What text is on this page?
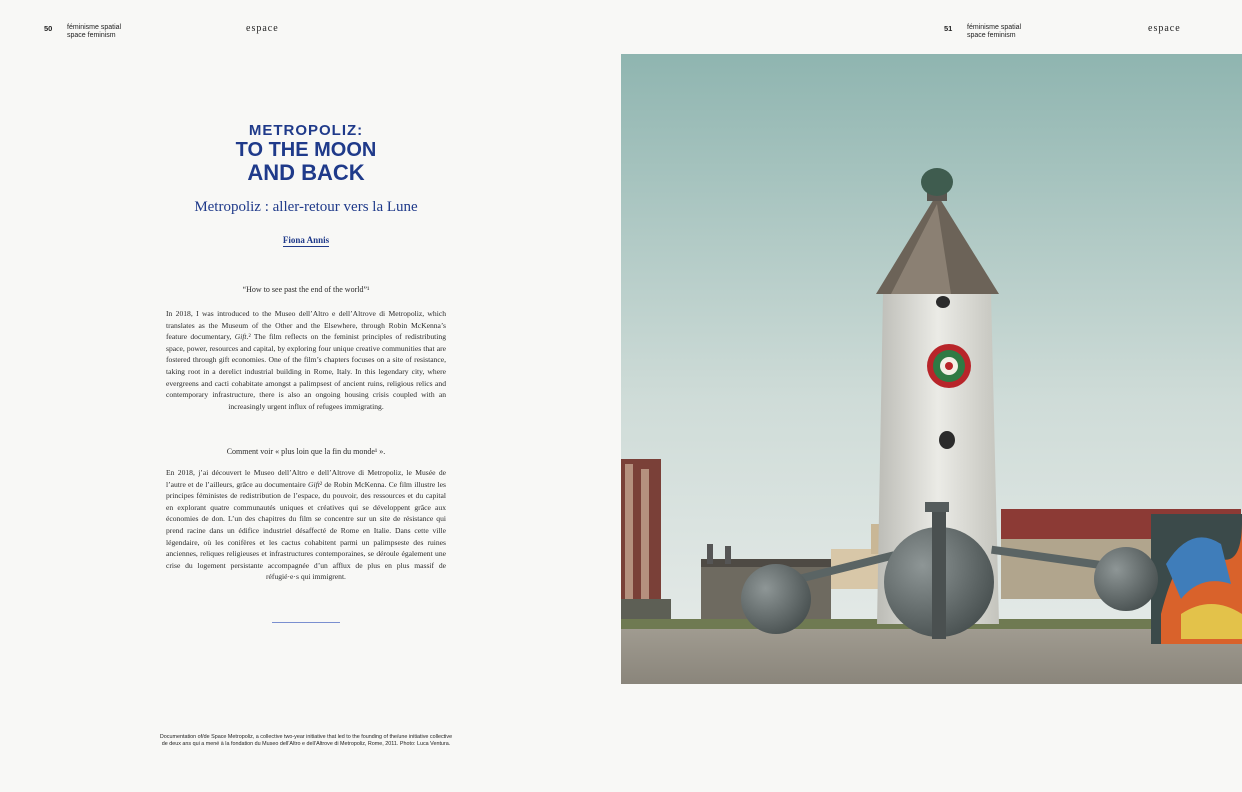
50 féminisme spatial
space feminism
espace	51 féminisme spatial
space feminism
espace
METROPOLIZ:
TO THE MOON
AND BACK
Metropoliz : aller-retour vers la Lune
Fiona Annis
“How to see past the end of the world”¹
In 2018, I was introduced to the Museo dell’Altro e dell’Altrove di Metropoliz, which translates as the Museum of the Other and the Elsewhere, through Robin McKenna’s feature documentary, Gift.² The film reflects on the feminist principles of redistributing space, power, resources and capital, by exploring four unique creative communities that are fostered through gift economies. One of the film’s chapters focuses on a site of resistance, taking root in a derelict industrial building in Rome, Italy. In this legendary city, where evergreens and cacti cohabitate amongst a palimpsest of ancient ruins, religious relics and contemporary infrastructure, there is also an ongoing housing crisis coupled with an increasingly urgent influx of refugees immigrating.
Comment voir « plus loin que la fin du monde¹ ».
En 2018, j’ai découvert le Museo dell’Altro e dell’Altrove di Metropoliz, le Musée de l’autre et de l’ailleurs, grâce au documentaire Gift² de Robin McKenna. Ce film illustre les principes féministes de redistribution de l’espace, du pouvoir, des ressources et du capital en explorant quatre communautés uniques et créatives qui se développent grâce aux économies de don. L’un des chapitres du film se concentre sur un site de résistance qui prend racine dans un édifice industriel désaffecté de Rome en Italie. Dans cette ville légendaire, où les conifères et les cactus cohabitent parmi un palimpseste des ruines anciennes, reliques religieuses et infrastructures contemporaines, se déroule également une crise du logement persistante accompagnée d’un afflux de plus en plus massif de réfugié·e·s qui immigrent.
Documentation of/de Space Metropoliz, a collective two-year initiative that led to the founding of the/une initiative collective
de deux ans qui a mené à la fondation du Museo dell’Altro e dell’Altrove di Metropoliz, Rome, 2011. Photo: Luca Ventura.
